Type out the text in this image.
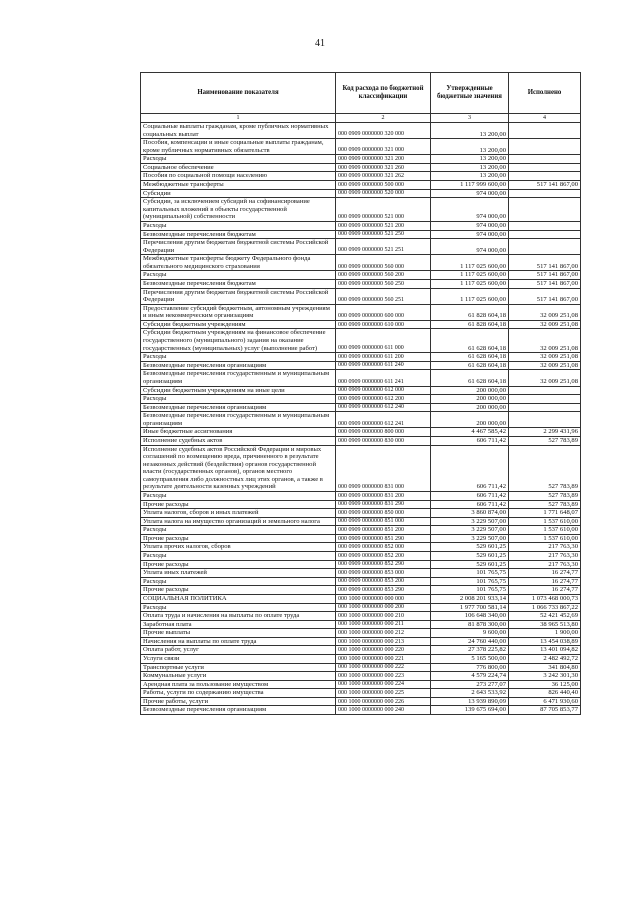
41
Наименование показателя	Код расхода по бюджетной классификации	Утвержденные бюджетные значения	Исполнено
1	2	3	4
Социальные выплаты гражданам, кроме публичных нормативных социальных выплат	000 0909 0000000 320 000	13 200,00	
Пособия, компенсации и иные социальные выплаты гражданам, кроме публичных нормативных обязательств	000 0909 0000000 321 000	13 200,00	
Расходы	000 0909 0000000 321 200	13 200,00	
Социальное обеспечение	000 0909 0000000 321 260	13 200,00	
Пособия по социальной помощи населению	000 0909 0000000 321 262	13 200,00	
Межбюджетные трансферты	000 0909 0000000 500 000	1 117 999 600,00	517 141 867,00
Субсидии	000 0909 0000000 520 000	974 000,00	
Субсидии, за исключением субсидий на софинансирование капитальных вложений в объекты государственной (муниципальной) собственности	000 0909 0000000 521 000	974 000,00	
Расходы	000 0909 0000000 521 200	974 000,00	
Безвозмездные перечисления бюджетам	000 0909 0000000 521 250	974 000,00	
Перечисления другим бюджетам бюджетной системы Российской Федерации	000 0909 0000000 521 251	974 000,00	
Межбюджетные трансферты бюджету Федерального фонда обязательного медицинского страхования	000 0909 0000000 560 000	1 117 025 600,00	517 141 867,00
Расходы	000 0909 0000000 560 200	1 117 025 600,00	517 141 867,00
Безвозмездные перечисления бюджетам	000 0909 0000000 560 250	1 117 025 600,00	517 141 867,00
Перечисления другим бюджетам бюджетной системы Российской Федерации	000 0909 0000000 560 251	1 117 025 600,00	517 141 867,00
Предоставление субсидий бюджетным, автономным учреждениям и иным некоммерческим организациям	000 0909 0000000 600 000	61 828 604,18	32 009 251,08
Субсидии бюджетным учреждениям	000 0909 0000000 610 000	61 828 604,18	32 009 251,08
Субсидии бюджетным учреждениям на финансовое обеспечение государственного (муниципального) задания на оказание государственных (муниципальных) услуг (выполнение работ)	000 0909 0000000 611 000	61 628 604,18	32 009 251,08
Расходы	000 0909 0000000 611 200	61 628 604,18	32 009 251,08
Безвозмездные перечисления организациям	000 0909 0000000 611 240	61 628 604,18	32 009 251,08
Безвозмездные перечисления государственным и муниципальным организациям	000 0909 0000000 611 241	61 628 604,18	32 009 251,08
Субсидии бюджетным учреждениям на иные цели	000 0909 0000000 612 000	200 000,00	
Расходы	000 0909 0000000 612 200	200 000,00	
Безвозмездные перечисления организациям	000 0909 0000000 612 240	200 000,00	
Безвозмездные перечисления государственным и муниципальным организациям	000 0909 0000000 612 241	200 000,00	
Иные бюджетные ассигнования	000 0909 0000000 800 000	4 467 585,42	2 299 431,96
Исполнение судебных актов	000 0909 0000000 830 000	606 711,42	527 783,89
Исполнение судебных актов Российской Федерации и мировых соглашений по возмещению вреда, причиненного в результате незаконных действий (бездействия) органов государственной власти (государственных органов), органов местного самоуправления либо должностных лиц этих органов, а также в результате деятельности казенных учреждений	000 0909 0000000 831 000	606 711,42	527 783,89
Расходы	000 0909 0000000 831 200	606 711,42	527 783,89
Прочие расходы	000 0909 0000000 831 290	606 711,42	527 783,89
Уплата налогов, сборов и иных платежей	000 0909 0000000 850 000	3 860 874,00	1 771 648,07
Уплата налога на имущество организаций и земельного налога	000 0909 0000000 851 000	3 229 507,00	1 537 610,00
Расходы	000 0909 0000000 851 200	3 229 507,00	1 537 610,00
Прочие расходы	000 0909 0000000 851 290	3 229 507,00	1 537 610,00
Уплата прочих налогов, сборов	000 0909 0000000 852 000	529 601,25	217 763,30
Расходы	000 0909 0000000 852 200	529 601,25	217 763,30
Прочие расходы	000 0909 0000000 852 290	529 601,25	217 763,30
Уплата иных платежей	000 0909 0000000 853 000	101 765,75	16 274,77
Расходы	000 0909 0000000 853 200	101 765,75	16 274,77
Прочие расходы	000 0909 0000000 853 290	101 765,75	16 274,77
СОЦИАЛЬНАЯ ПОЛИТИКА	000 1000 0000000 000 000	2 008 201 933,14	1 073 468 000,73
Расходы	000 1000 0000000 000 200	1 977 700 581,14	1 066 733 867,22
Оплата труда и начисления на выплаты по оплате труда	000 1000 0000000 000 210	106 648 340,00	52 421 452,69
Заработная плата	000 1000 0000000 000 211	81 878 300,00	38 965 513,80
Прочие выплаты	000 1000 0000000 000 212	9 600,00	1 900,00
Начисления на выплаты по оплате труда	000 1000 0000000 000 213	24 760 440,00	13 454 038,89
Оплата работ, услуг	000 1000 0000000 000 220	27 378 225,82	13 401 094,82
Услуги связи	000 1000 0000000 000 221	5 165 500,00	2 482 492,72
Транспортные услуги	000 1000 0000000 000 222	776 800,00	341 804,80
Коммунальные услуги	000 1000 0000000 000 223	4 579 224,74	3 242 301,30
Арендная плата за пользование имуществом	000 1000 0000000 000 224	273 277,07	36 125,00
Работы, услуги по содержанию имущества	000 1000 0000000 000 225	2 643 533,92	826 440,40
Прочие работы, услуги	000 1000 0000000 000 226	13 939 890,09	6 471 930,60
Безвозмездные перечисления организациям	000 1000 0000000 000 240	139 675 694,00	87 705 853,77
